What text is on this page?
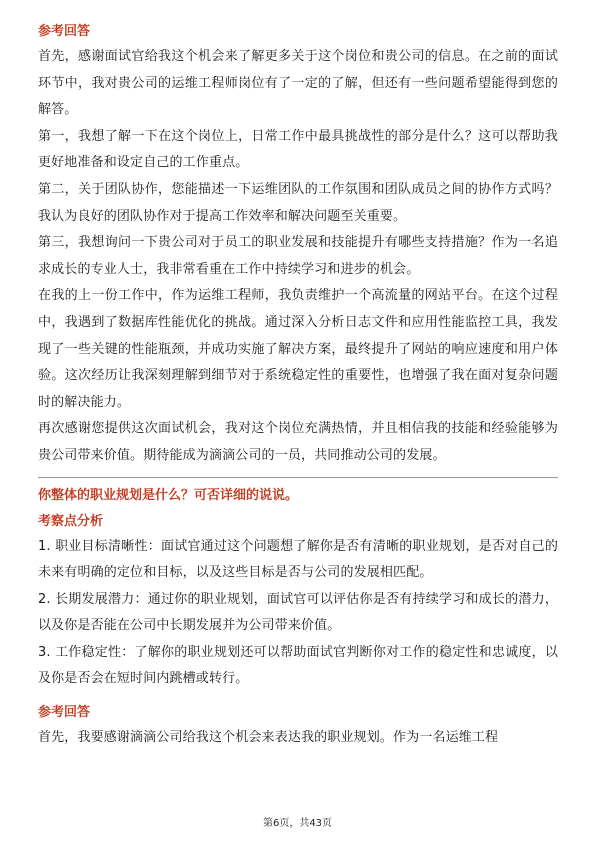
参考回答

首先，感谢面试官给我这个机会来了解更多关于这个岗位和贵公司的信息。在之前的面试环节中，我对贵公司的运维工程师岗位有了一定的了解，但还有一些问题希望能得到您的解答。

第一，我想了解一下在这个岗位上，日常工作中最具挑战性的部分是什么？这可以帮助我更好地准备和设定自己的工作重点。

第二，关于团队协作，您能描述一下运维团队的工作氛围和团队成员之间的协作方式吗？我认为良好的团队协作对于提高工作效率和解决问题至关重要。

第三，我想询问一下贵公司对于员工的职业发展和技能提升有哪些支持措施？作为一名追求成长的专业人士，我非常看重在工作中持续学习和进步的机会。

在我的上一份工作中，作为运维工程师，我负责维护一个高流量的网站平台。在这个过程中，我遇到了数据库性能优化的挑战。通过深入分析日志文件和应用性能监控工具，我发现了一些关键的性能瓶颈，并成功实施了解决方案，最终提升了网站的响应速度和用户体验。这次经历让我深刻理解到细节对于系统稳定性的重要性，也增强了我在面对复杂问题时的解决能力。

再次感谢您提供这次面试机会，我对这个岗位充满热情，并且相信我的技能和经验能够为贵公司带来价值。期待能成为滴滴公司的一员，共同推动公司的发展。

你整体的职业规划是什么？可否详细的说说。
考察点分析

1. 职业目标清晰性：面试官通过这个问题想了解你是否有清晰的职业规划，是否对自己的未来有明确的定位和目标，以及这些目标是否与公司的发展相匹配。

2. 长期发展潜力：通过你的职业规划，面试官可以评估你是否有持续学习和成长的潜力，以及你是否能在公司中长期发展并为公司带来价值。

3. 工作稳定性：了解你的职业规划还可以帮助面试官判断你对工作的稳定性和忠诚度，以及你是否会在短时间内跳槽或转行。

参考回答

首先，我要感谢滴滴公司给我这个机会来表达我的职业规划。作为一名运维工程

第6页，共43页
